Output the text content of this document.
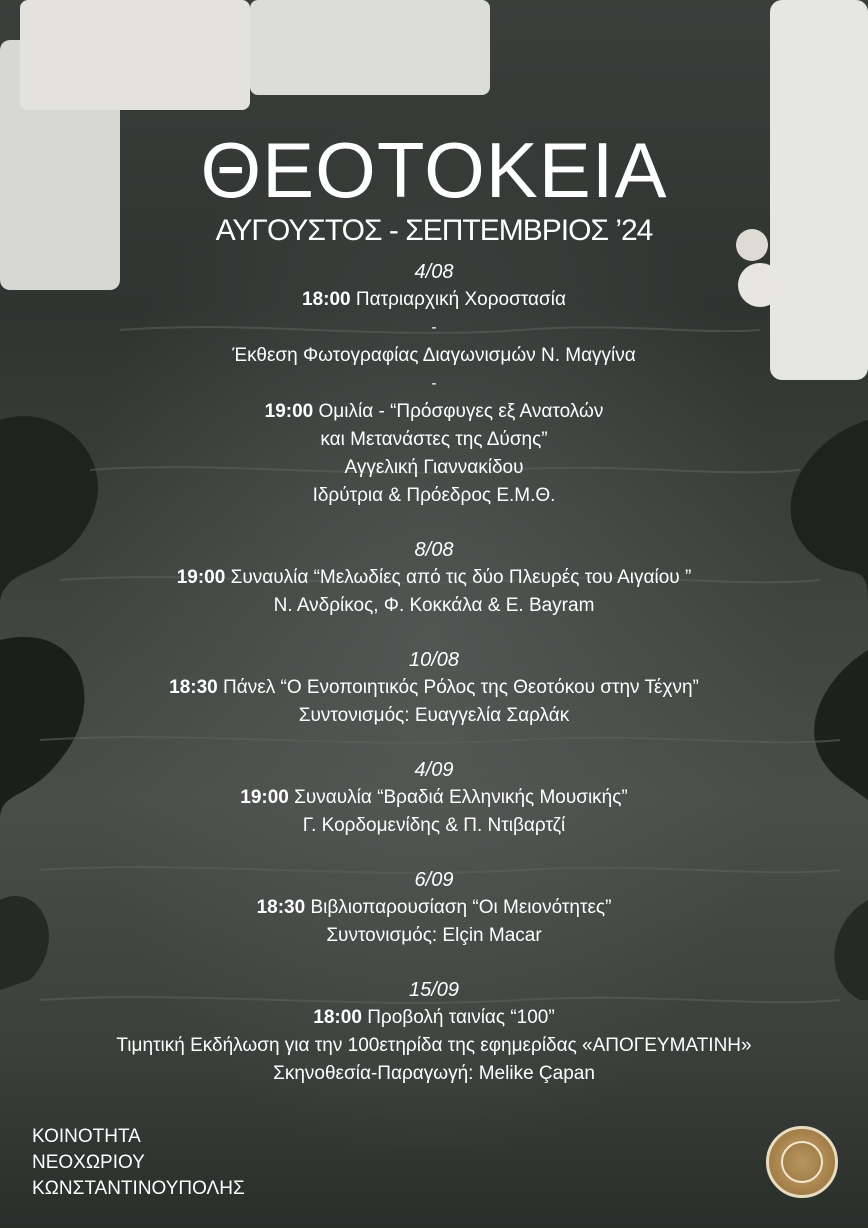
ΘΕΟΤΟΚΕΙΑ
ΑΥΓΟΥΣΤΟΣ - ΣΕΠΤΕΜΒΡΙΟΣ ’24
4/08
18:00 Πατριαρχική Χοροστασία
-
Έκθεση Φωτογραφίας Διαγωνισμών Ν. Μαγγίνα
-
19:00 Ομιλία - “Πρόσφυγες εξ Ανατολών
και Μετανάστες της Δύσης”
Αγγελική Γιαννακίδου
Ιδρύτρια & Πρόεδρος Ε.Μ.Θ.
8/08
19:00 Συναυλία “Μελωδίες από τις δύο Πλευρές του Αιγαίου ”
Ν. Ανδρίκος, Φ. Κοκκάλα & Ε. Bayram
10/08
18:30 Πάνελ “Ο Ενοποιητικός Ρόλος της Θεοτόκου στην Τέχνη”
Συντονισμός: Ευαγγελία Σαρλάκ
4/09
19:00 Συναυλία “Βραδιά Ελληνικής Μουσικής”
Γ. Κορδομενίδης & Π. Ντιβαρτζί
6/09
18:30 Βιβλιοπαρουσίαση “Οι Μειονότητες”
Συντονισμός: Elçin Macar
15/09
18:00 Προβολή ταινίας “100”
Τιμητική Εκδήλωση για την 100ετηρίδα της εφημερίδας «ΑΠΟΓΕΥΜΑΤΙΝΗ»
Σκηνοθεσία-Παραγωγή: Melike Çapan
ΚΟΙΝΟΤΗΤΑ
ΝΕΟΧΩΡΙΟΥ
ΚΩΝΣΤΑΝΤΙΝΟΥΠΟΛΗΣ
